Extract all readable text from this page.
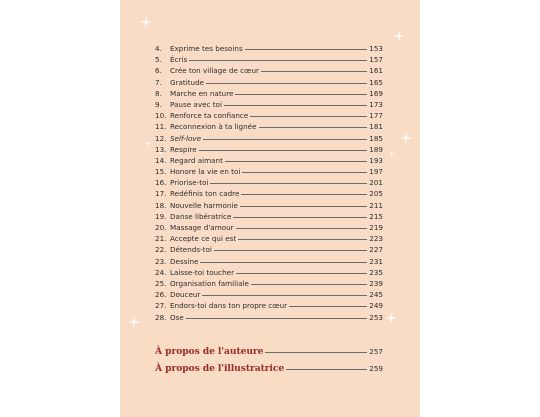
4.	Exprime tes besoins	153
5.	Écris	157
6.	Crée ton village de cœur	161
7.	Gratitude	165
8.	Marche en nature	169
9.	Pause avec toi	173
10. Renforce ta confiance	177
11. Reconnexion à ta lignée	181
12. Self-love	185
13. Respire	189
14. Regard aimant	193
15. Honore la vie en toi	197
16. Priorise-toi	201
17. Redéfinis ton cadre	205
18. Nouvelle harmonie	211
19. Danse libératrice	215
20. Massage d'amour	219
21. Accepte ce qui est	223
22. Détends-toi	227
23. Dessine	231
24. Laisse-toi toucher	235
25. Organisation familiale	239
26. Douceur	245
27. Endors-toi dans ton propre cœur	249
28. Ose	253
À propos de l'auteure	257
À propos de l'illustratrice	259
